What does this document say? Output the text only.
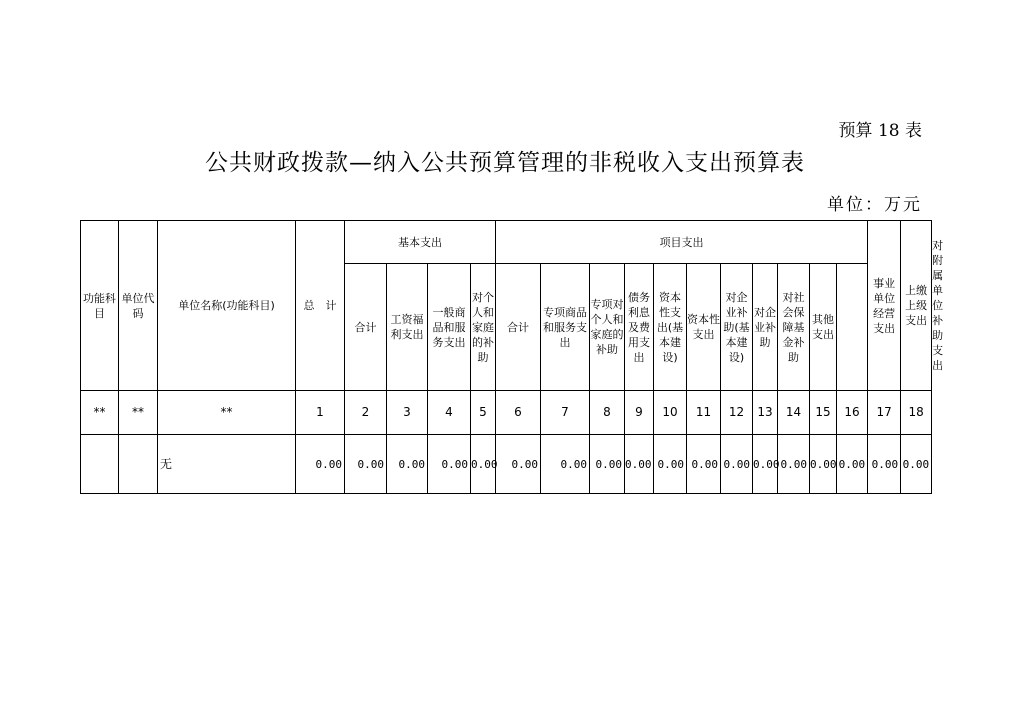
预算 18 表
公共财政拨款—纳入公共预算管理的非税收入支出预算表
单位：万元
功能科目	单位代码	单位名称(功能科目)	总　计	基本支出				项目支出											事业单位经营支出	上缴上级支出	对附属单位补助支出
				合计	工资福利支出	一般商品和服务支出	对个人和家庭的补助	合计	专项商品和服务支出	专项对个人和家庭的补助	债务利息及费用支出	资本性支出(基本建设)	资本性支出	对企业补助(基本建设)	对企业补助	对社会保障基金补助	其他支出				
**	**	**	1	2	3	4	5	6	7	8	9	10	11	12	13	14	15	16	17	18	
		无	0.00	0.00	0.00	0.00	0.00	0.00	0.00	0.00	0.00	0.00	0.00	0.00	0.00	0.00	0.00	0.00	0.00	0.00	
